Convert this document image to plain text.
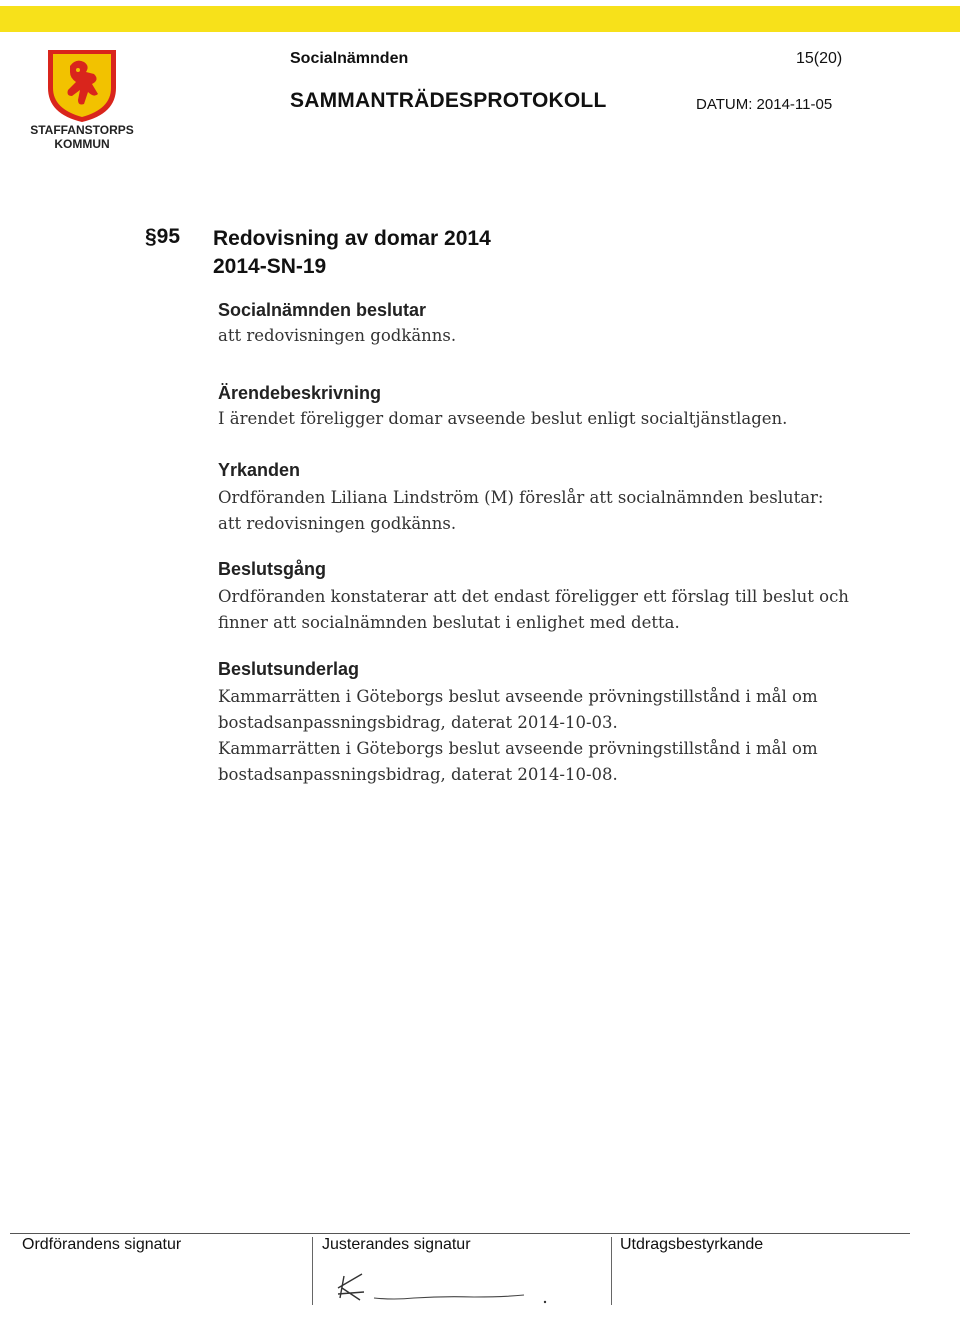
STAFFANSTORPS
KOMMUN
Socialnämnden	15(20)
SAMMANTRÄDESPROTOKOLL	DATUM: 2014-11-05
§95 Redovisning av domar 2014
2014-SN-19

Socialnämnden beslutar

att redovisningen godkänns.

Ärendebeskrivning

I ärendet föreligger domar avseende beslut enligt socialtjänstlagen.

Yrkanden

Ordföranden Liliana Lindström (M) föreslår att socialnämnden beslutar:

att redovisningen godkänns.

Beslutsgång

Ordföranden konstaterar att det endast föreligger ett förslag till beslut och

finner att socialnämnden beslutat i enlighet med detta.

Beslutsunderlag

Kammarrätten i Göteborgs beslut avseende prövningstillstånd i mål om

bostadsanpassningsbidrag, daterat 2014-10-03.

Kammarrätten i Göteborgs beslut avseende prövningstillstånd i mål om

bostadsanpassningsbidrag, daterat 2014-10-08.

Ordförandens signatur	Justerandes signatur	Utdragsbestyrkande
